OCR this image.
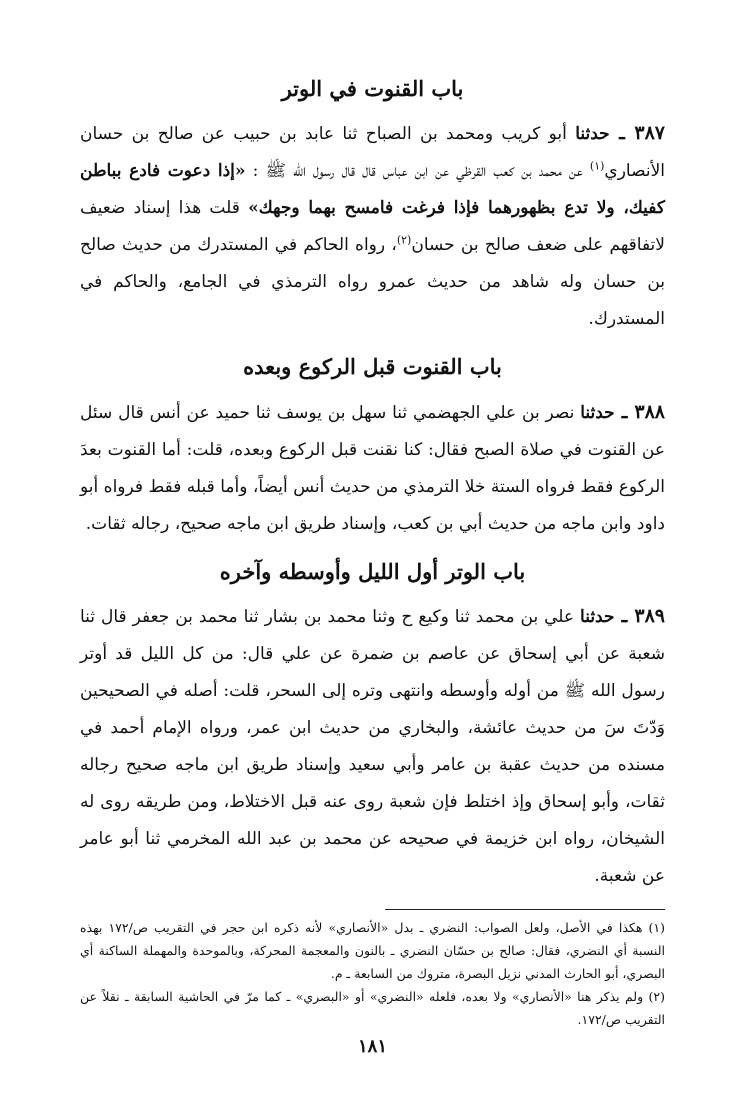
باب القنوت في الوتر

٣٨٧ ـ حدثنا أبو كريب ومحمد بن الصباح ثنا عابد بن حبيب عن صالح بن حسان الأنصاري$^{(١)}$ عن محمد بن كعب القرظي عن ابن عباس قال قال رسول الله ﷺ : «إذا دعوت فادع بباطن كفيك، ولا تدع بظهورهما فإذا فرغت فامسح بهما وجهك» قلت هذا إسناد ضعيف لاتفاقهم على ضعف صالح بن حسان$^{(٢)}$، رواه الحاكم في المستدرك من حديث صالح بن حسان وله شاهد من حديث عمرو رواه الترمذي في الجامع، والحاكم في المستدرك.

باب القنوت قبل الركوع وبعده

٣٨٨ ـ حدثنا نصر بن علي الجهضمي ثنا سهل بن يوسف ثنا حميد عن أنس قال سئل عن القنوت في صلاة الصبح فقال: كنا نقنت قبل الركوع وبعده، قلت: أما القنوت بعدَ الركوع فقط فرواه الستة خلا الترمذي من حديث أنس أيضاً، وأما قبله فقط فرواه أبو داود وابن ماجه من حديث أبي بن كعب، وإسناد طريق ابن ماجه صحيح، رجاله ثقات.

باب الوتر أول الليل وأوسطه وآخره

٣٨٩ ـ حدثنا علي بن محمد ثنا وكيع ح وثنا محمد بن بشار ثنا محمد بن جعفر قال ثنا شعبة عن أبي إسحاق عن عاصم بن ضمرة عن علي قال: من كل الليل قد أوتر رسول الله ﷺ من أوله وأوسطه وانتهى وتره إلى السحر، قلت: أصله في الصحيحين وَدّتَ سَ من حديث عائشة، والبخاري من حديث ابن عمر، ورواه الإمام أحمد في مسنده من حديث عقبة بن عامر وأبي سعيد وإسناد طريق ابن ماجه صحيح رجاله ثقات، وأبو إسحاق وإذ اختلط فإن شعبة روى عنه قبل الاختلاط، ومن طريقه روى له الشيخان، رواه ابن خزيمة في صحيحه عن محمد بن عبد الله المخرمي ثنا أبو عامر عن شعبة.

(١) هكذا في الأصل، ولعل الصواب: النضري ـ بدل «الأنصاري» لأنه ذكره ابن حجر في التقريب ص/١٧٢ بهذه النسبة أي النضري، فقال: صالح بن حسّان النضري ـ بالنون والمعجمة المحركة، وبالموحدة والمهملة الساكنة أي البصري، أبو الحارث المدني نزيل البصرة، متروك من السابعة ـ م.

(٢) ولم يذكر هنا «الأنصاري» ولا بعده، فلعله «النضري» أو «البصري» ـ كما مرّ في الحاشية السابقة ـ نقلاً عن التقريب ص/١٧٢.

١٨١
